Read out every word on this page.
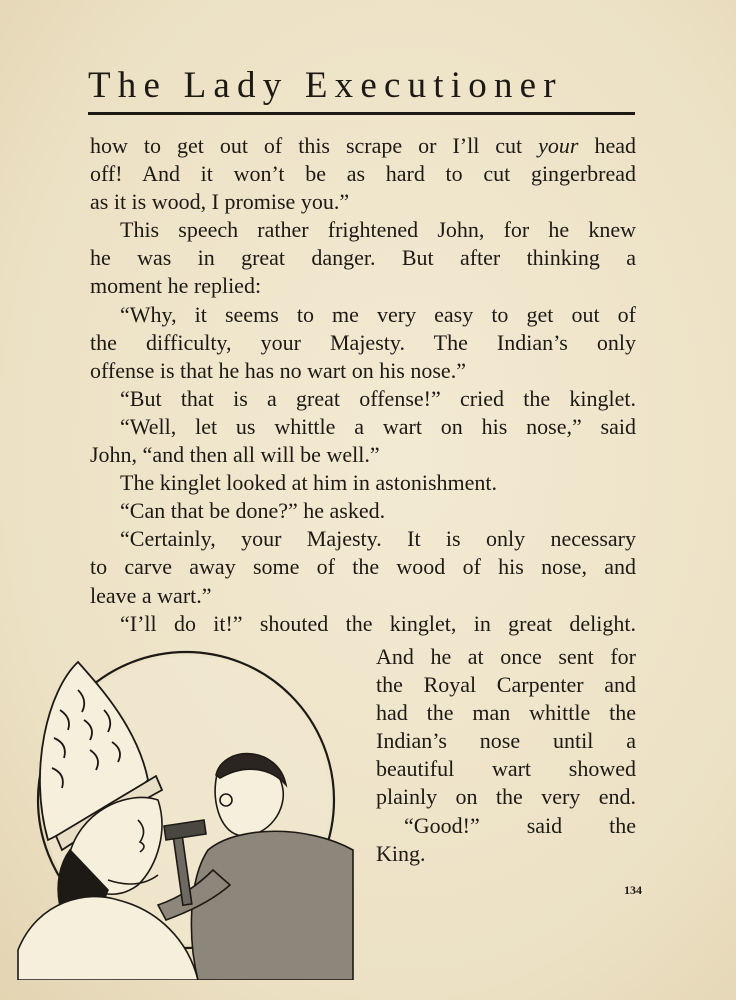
The Lady Executioner
how to get out of this scrape or I’ll cut your head
off! And it won’t be as hard to cut gingerbread
as it is wood, I promise you.”
This speech rather frightened John, for he knew
he was in great danger. But after thinking a
moment he replied:
“Why, it seems to me very easy to get out of
the difficulty, your Majesty. The Indian’s only
offense is that he has no wart on his nose.”
“But that is a great offense!” cried the kinglet.
“Well, let us whittle a wart on his nose,” said
John, “and then all will be well.”
The kinglet looked at him in astonishment.
“Can that be done?” he asked.
“Certainly, your Majesty. It is only necessary
to carve away some of the wood of his nose, and
leave a wart.”
“I’ll do it!” shouted the kinglet, in great delight.
And he at once sent for
the Royal Carpenter and
had the man whittle the
Indian’s nose until a
beautiful wart showed
plainly on the very end.
“Good!” said the
King.
134
